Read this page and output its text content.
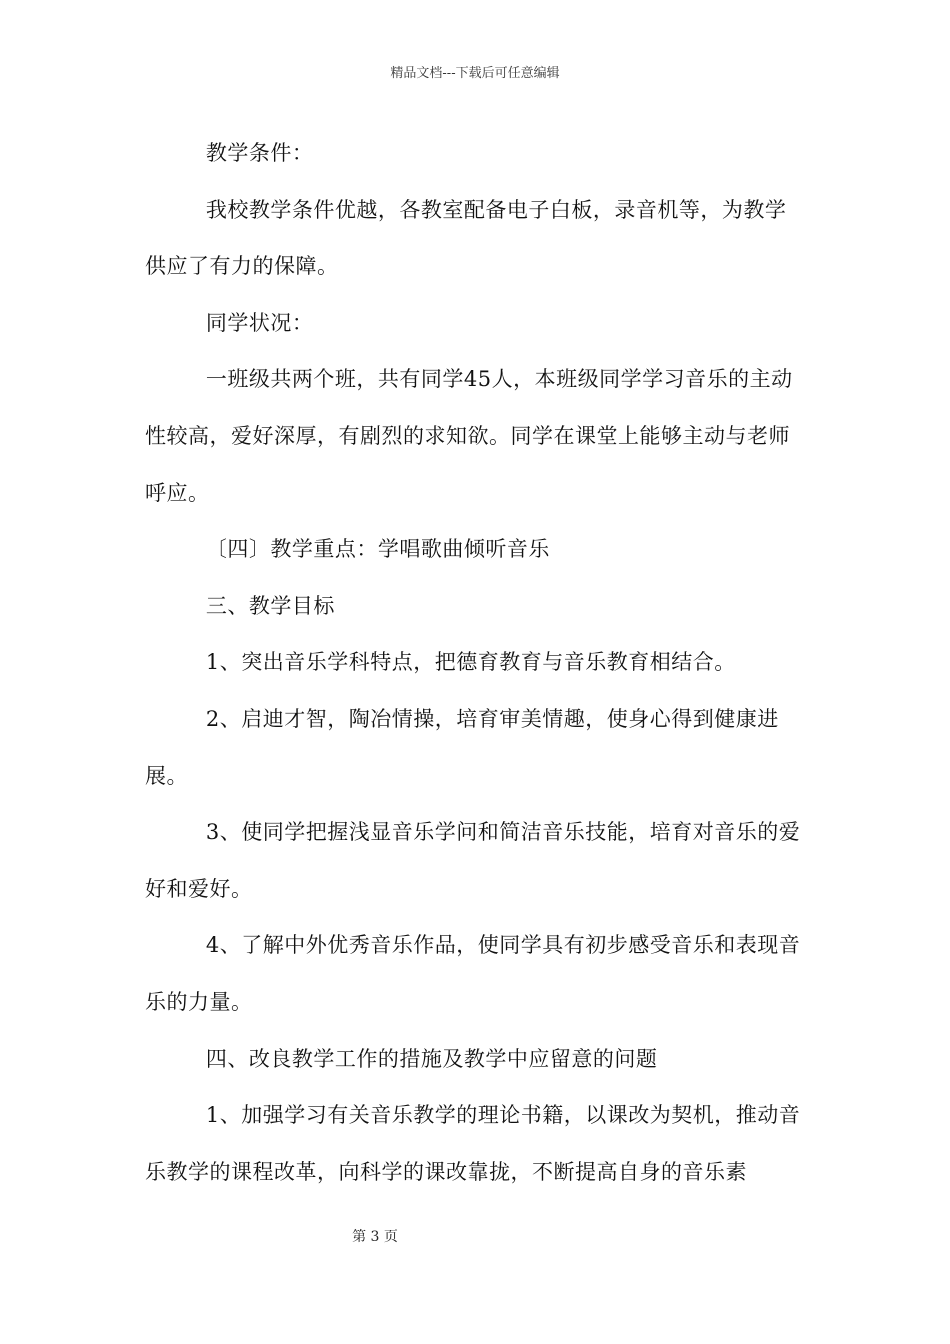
精品文档---下载后可任意编辑

教学条件：

我校教学条件优越，各教室配备电子白板，录音机等，为教学供应了有力的保障。

同学状况：

一班级共两个班，共有同学45人，本班级同学学习音乐的主动性较高，爱好深厚，有剧烈的求知欲。同学在课堂上能够主动与老师呼应。

〔四〕教学重点：学唱歌曲倾听音乐

三、教学目标

1、突出音乐学科特点，把德育教育与音乐教育相结合。

2、启迪才智，陶冶情操，培育审美情趣，使身心得到健康进展。

3、使同学把握浅显音乐学问和简洁音乐技能，培育对音乐的爱好和爱好。

4、了解中外优秀音乐作品，使同学具有初步感受音乐和表现音乐的力量。

四、改良教学工作的措施及教学中应留意的问题

1、加强学习有关音乐教学的理论书籍，以课改为契机，推动音乐教学的课程改革，向科学的课改靠拢，不断提高自身的音乐素

第 3 页
